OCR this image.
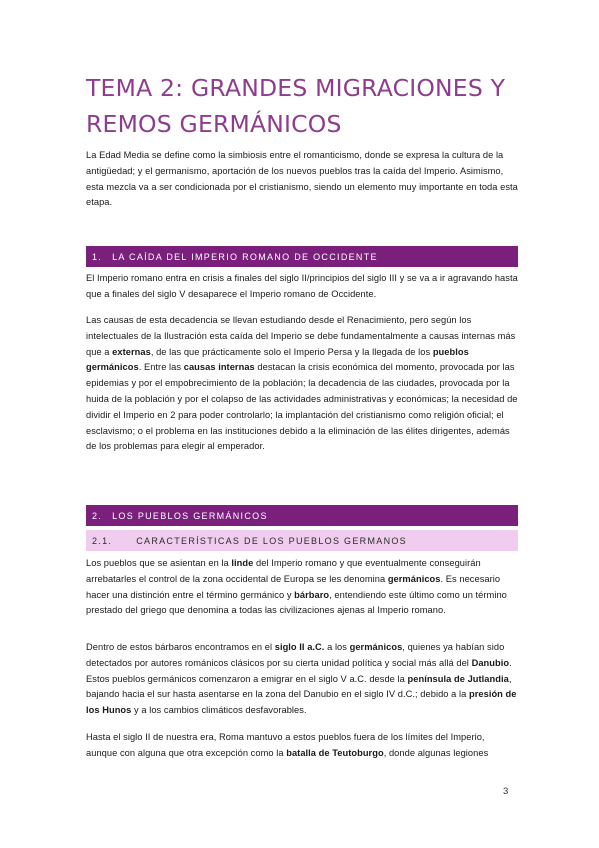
TEMA 2: GRANDES MIGRACIONES Y REMOS GERMÁNICOS

La Edad Media se define como la simbiosis entre el romanticismo, donde se expresa la cultura de la antigüedad; y el germanismo, aportación de los nuevos pueblos tras la caída del Imperio. Asimismo, esta mezcla va a ser condicionada por el cristianismo, siendo un elemento muy importante en toda esta etapa.

1. LA CAÍDA DEL IMPERIO ROMANO DE OCCIDENTE

El Imperio romano entra en crisis a finales del siglo II/principios del siglo III y se va a ir agravando hasta que a finales del siglo V desaparece el Imperio romano de Occidente.

Las causas de esta decadencia se llevan estudiando desde el Renacimiento, pero según los intelectuales de la Ilustración esta caída del Imperio se debe fundamentalmente a causas internas más que a externas, de las que prácticamente solo el Imperio Persa y la llegada de los pueblos germánicos. Entre las causas internas destacan la crisis económica del momento, provocada por las epidemias y por el empobrecimiento de la población; la decadencia de las ciudades, provocada por la huida de la población y por el colapso de las actividades administrativas y económicas; la necesidad de dividir el Imperio en 2 para poder controlarlo; la implantación del cristianismo como religión oficial; el esclavismo; o el problema en las instituciones debido a la eliminación de las élites dirigentes, además de los problemas para elegir al emperador.

2. LOS PUEBLOS GERMÁNICOS
2.1.	CARACTERÍSTICAS DE LOS PUEBLOS GERMANOS

Los pueblos que se asientan en la linde del Imperio romano y que eventualmente conseguirán arrebatarles el control de la zona occidental de Europa se les denomina germánicos. Es necesario hacer una distinción entre el término germánico y bárbaro, entendiendo este último como un término prestado del griego que denomina a todas las civilizaciones ajenas al Imperio romano.

Dentro de estos bárbaros encontramos en el siglo II a.C. a los germánicos, quienes ya habían sido detectados por autores románicos clásicos por su cierta unidad política y social más allá del Danubio. Estos pueblos germánicos comenzaron a emigrar en el siglo V a.C. desde la península de Jutlandia, bajando hacia el sur hasta asentarse en la zona del Danubio en el siglo IV d.C.; debido a la presión de los Hunos y a los cambios climáticos desfavorables.

Hasta el siglo II de nuestra era, Roma mantuvo a estos pueblos fuera de los límites del Imperio, aunque con alguna que otra excepción como la batalla de Teutoburgo, donde algunas legiones

3
